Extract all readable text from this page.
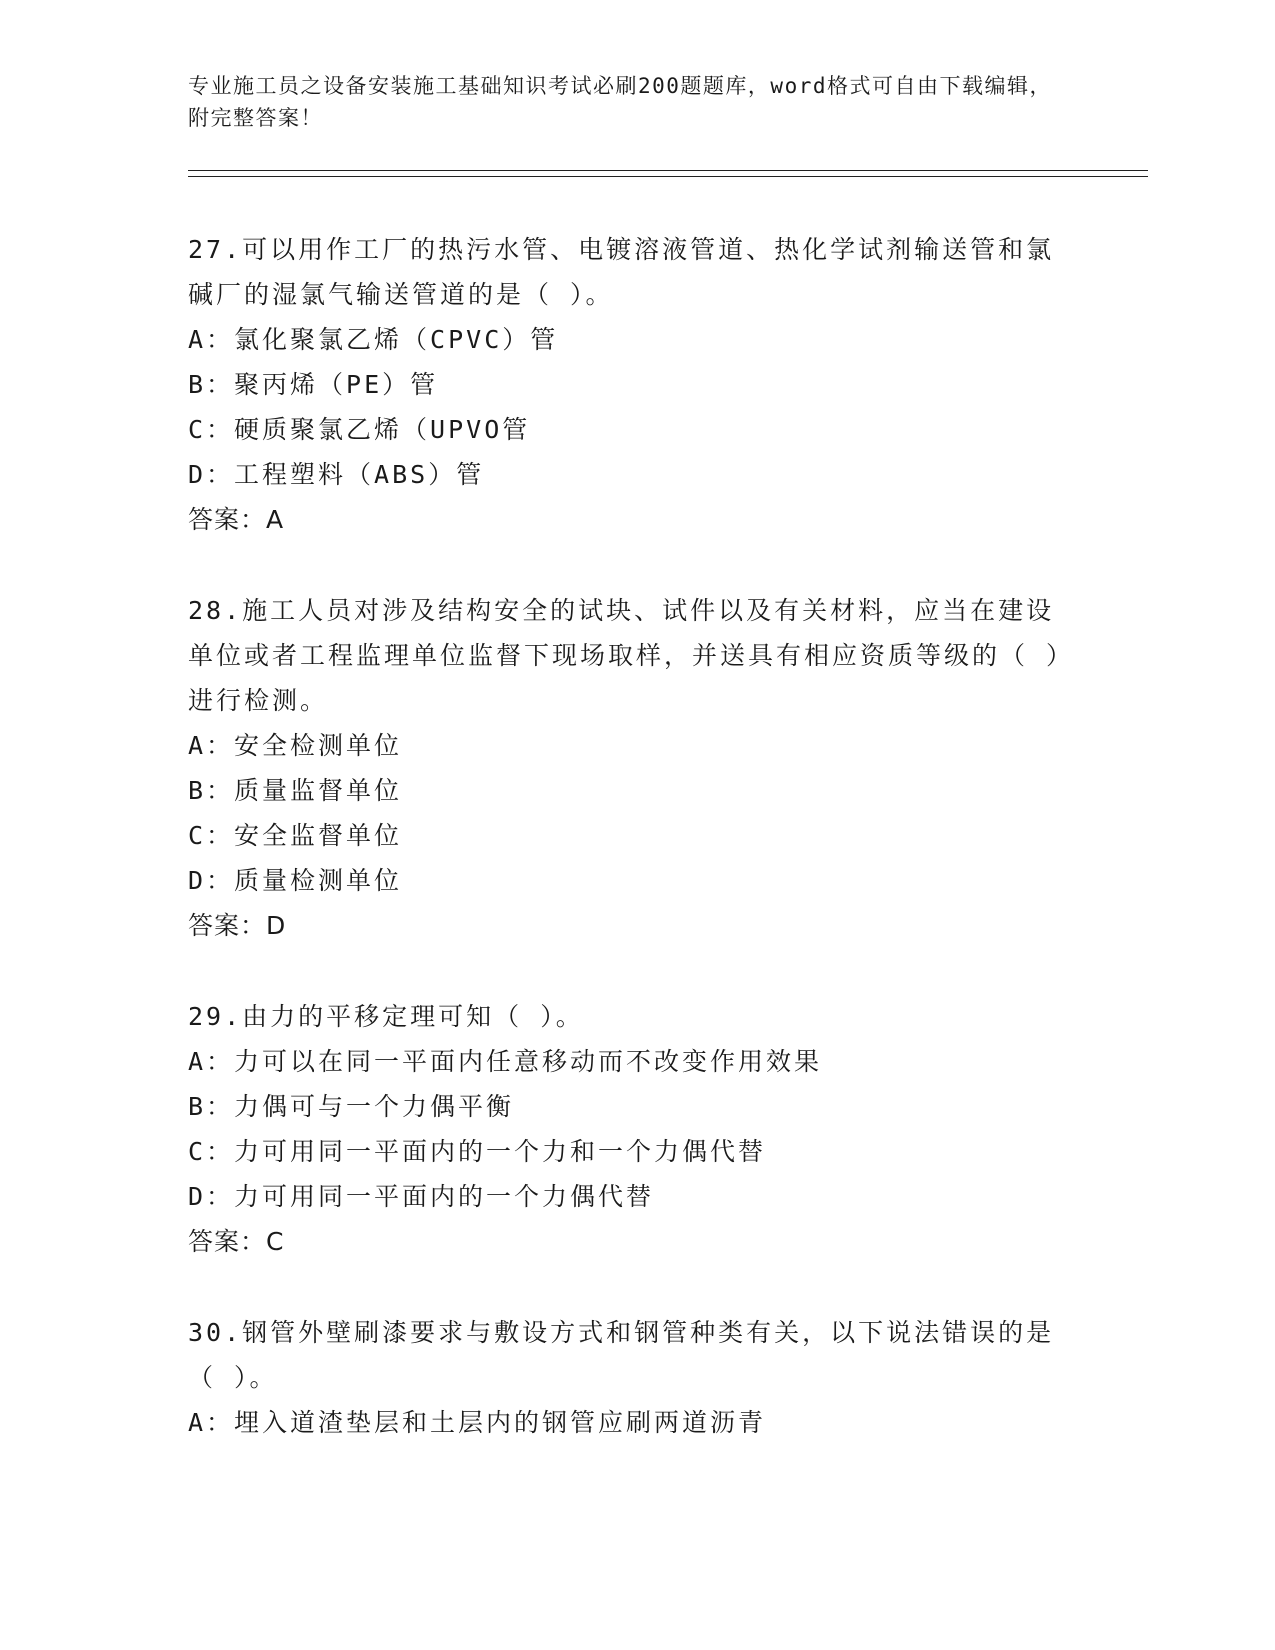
专业施工员之设备安装施工基础知识考试必刷200题题库，word格式可自由下载编辑，附完整答案！
27.可以用作工厂的热污水管、电镀溶液管道、热化学试剂输送管和氯碱厂的湿氯气输送管道的是（ ）。
A：氯化聚氯乙烯（CPVC）管
B：聚丙烯（PE）管
C：硬质聚氯乙烯（UPVO管
D：工程塑料（ABS）管
答案：A
28.施工人员对涉及结构安全的试块、试件以及有关材料，应当在建设单位或者工程监理单位监督下现场取样，并送具有相应资质等级的（ ）进行检测。
A：安全检测单位
B：质量监督单位
C：安全监督单位
D：质量检测单位
答案：D
29.由力的平移定理可知（ ）。
A：力可以在同一平面内任意移动而不改变作用效果
B：力偶可与一个力偶平衡
C：力可用同一平面内的一个力和一个力偶代替
D：力可用同一平面内的一个力偶代替
答案：C
30.钢管外壁刷漆要求与敷设方式和钢管种类有关，以下说法错误的是（ ）。
A：埋入道渣垫层和土层内的钢管应刷两道沥青
